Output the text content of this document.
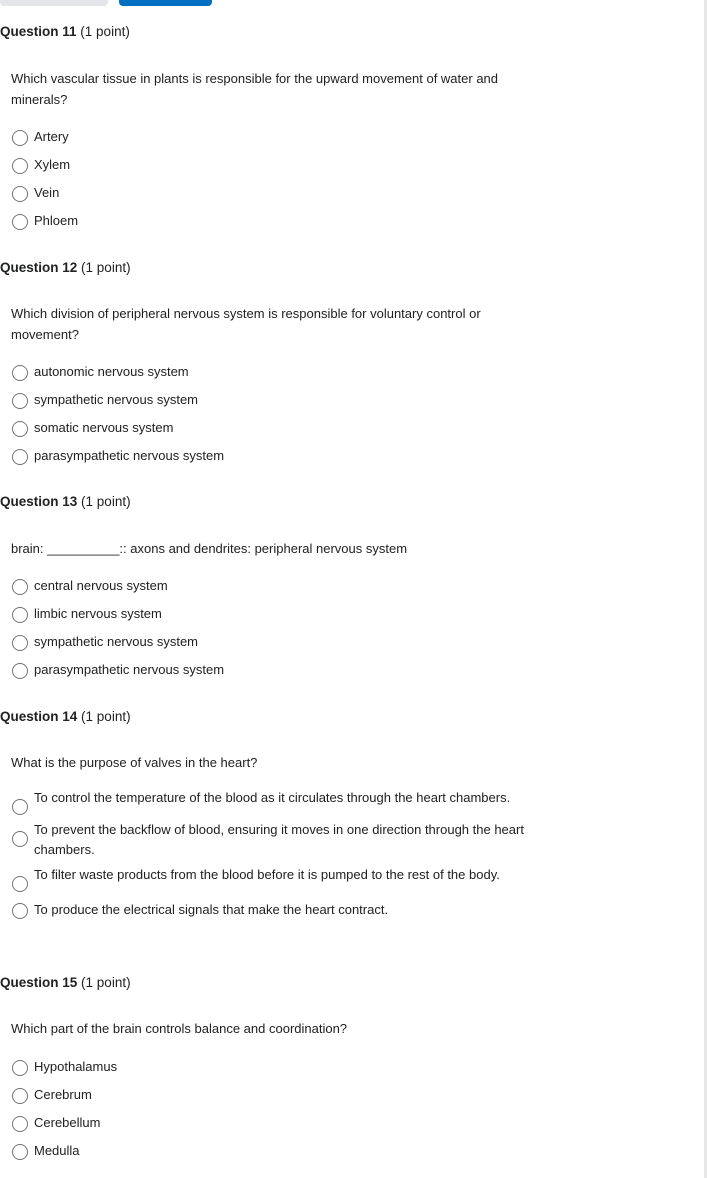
Question 11 (1 point)

Which vascular tissue in plants is responsible for the upward movement of water and minerals?

Artery
Xylem
Vein
Phloem
Question 12 (1 point)

Which division of peripheral nervous system is responsible for voluntary control or movement?

autonomic nervous system
sympathetic nervous system
somatic nervous system
parasympathetic nervous system
Question 13 (1 point)

brain: __________:: axons and dendrites: peripheral nervous system

central nervous system
limbic nervous system
sympathetic nervous system
parasympathetic nervous system
Question 14 (1 point)

What is the purpose of valves in the heart?

To control the temperature of the blood as it circulates through the heart chambers.
To prevent the backflow of blood, ensuring it moves in one direction through the heart chambers.
To filter waste products from the blood before it is pumped to the rest of the body.
To produce the electrical signals that make the heart contract.
Question 15 (1 point)

Which part of the brain controls balance and coordination?

Hypothalamus
Cerebrum
Cerebellum
Medulla
